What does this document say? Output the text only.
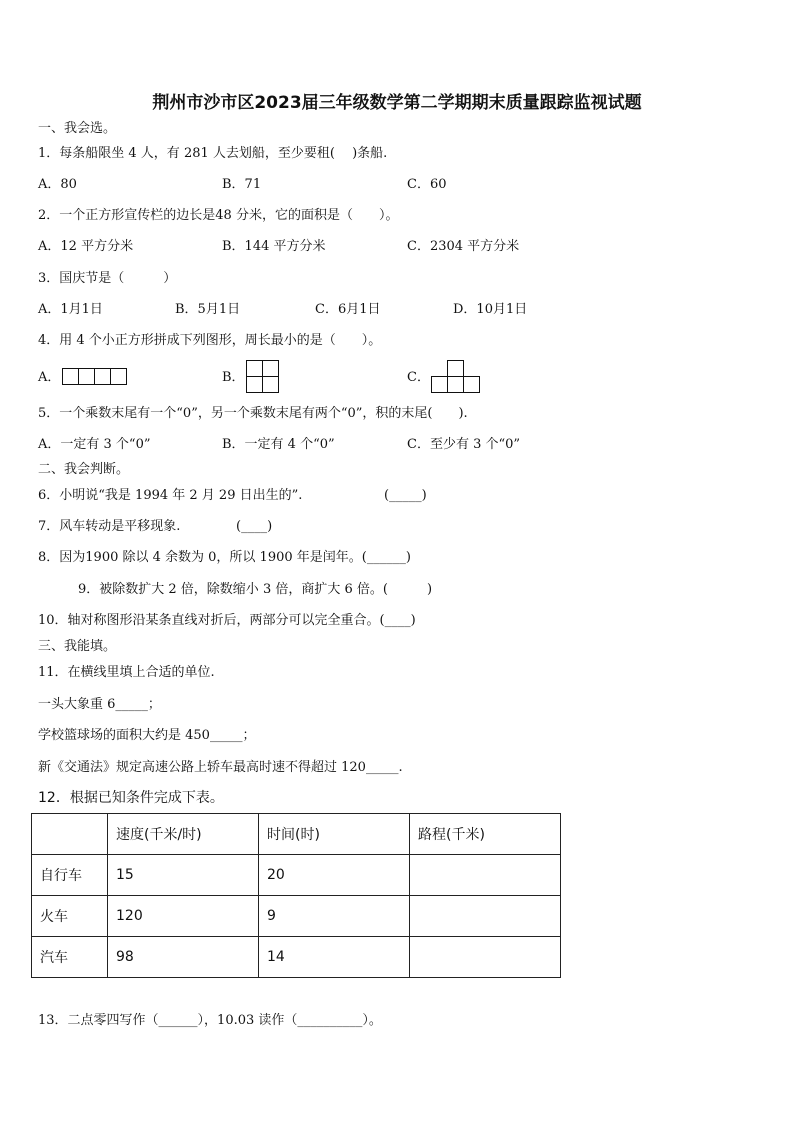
荆州市沙市区2023届三年级数学第二学期期末质量跟踪监视试题
一、我会选。
1．每条船限坐 4 人，有 281 人去划船，至少要租(　 )条船.
A．80	B．71	C．60
2．一个正方形宣传栏的边长是48 分米，它的面积是（　　）。
A．12 平方分米	B．144 平方分米	C．2304 平方分米
3．国庆节是（　　　）
A．1月1日	B．5月1日	C．6月1日	D．10月1日
4．用 4 个小正方形拼成下列图形，周长最小的是（　　）。
A．	B．	C．
5．一个乘数末尾有一个“0”，另一个乘数末尾有两个“0”，积的末尾(　　).
A．一定有 3 个“0”	B．一定有 4 个“0”	C．至少有 3 个“0”
二、我会判断。
6．小明说“我是 1994 年 2 月 29 日出生的”.	(_____)
7．风车转动是平移现象.	(____)
8．因为1900 除以 4 余数为 0，所以 1900 年是闰年。(______)
9．被除数扩大 2 倍，除数缩小 3 倍，商扩大 6 倍。(　　　)
10．轴对称图形沿某条直线对折后，两部分可以完全重合。(____)
三、我能填。
11．在横线里填上合适的单位.
一头大象重 6_____；
学校篮球场的面积大约是 450_____；
新《交通法》规定高速公路上轿车最高时速不得超过 120_____.
12．根据已知条件完成下表。
	速度(千米/时)	时间(时)	路程(千米)
自行车	15	20	
火车	120	9	
汽车	98	14	
13．二点零四写作（______），10.03 读作（__________）。
